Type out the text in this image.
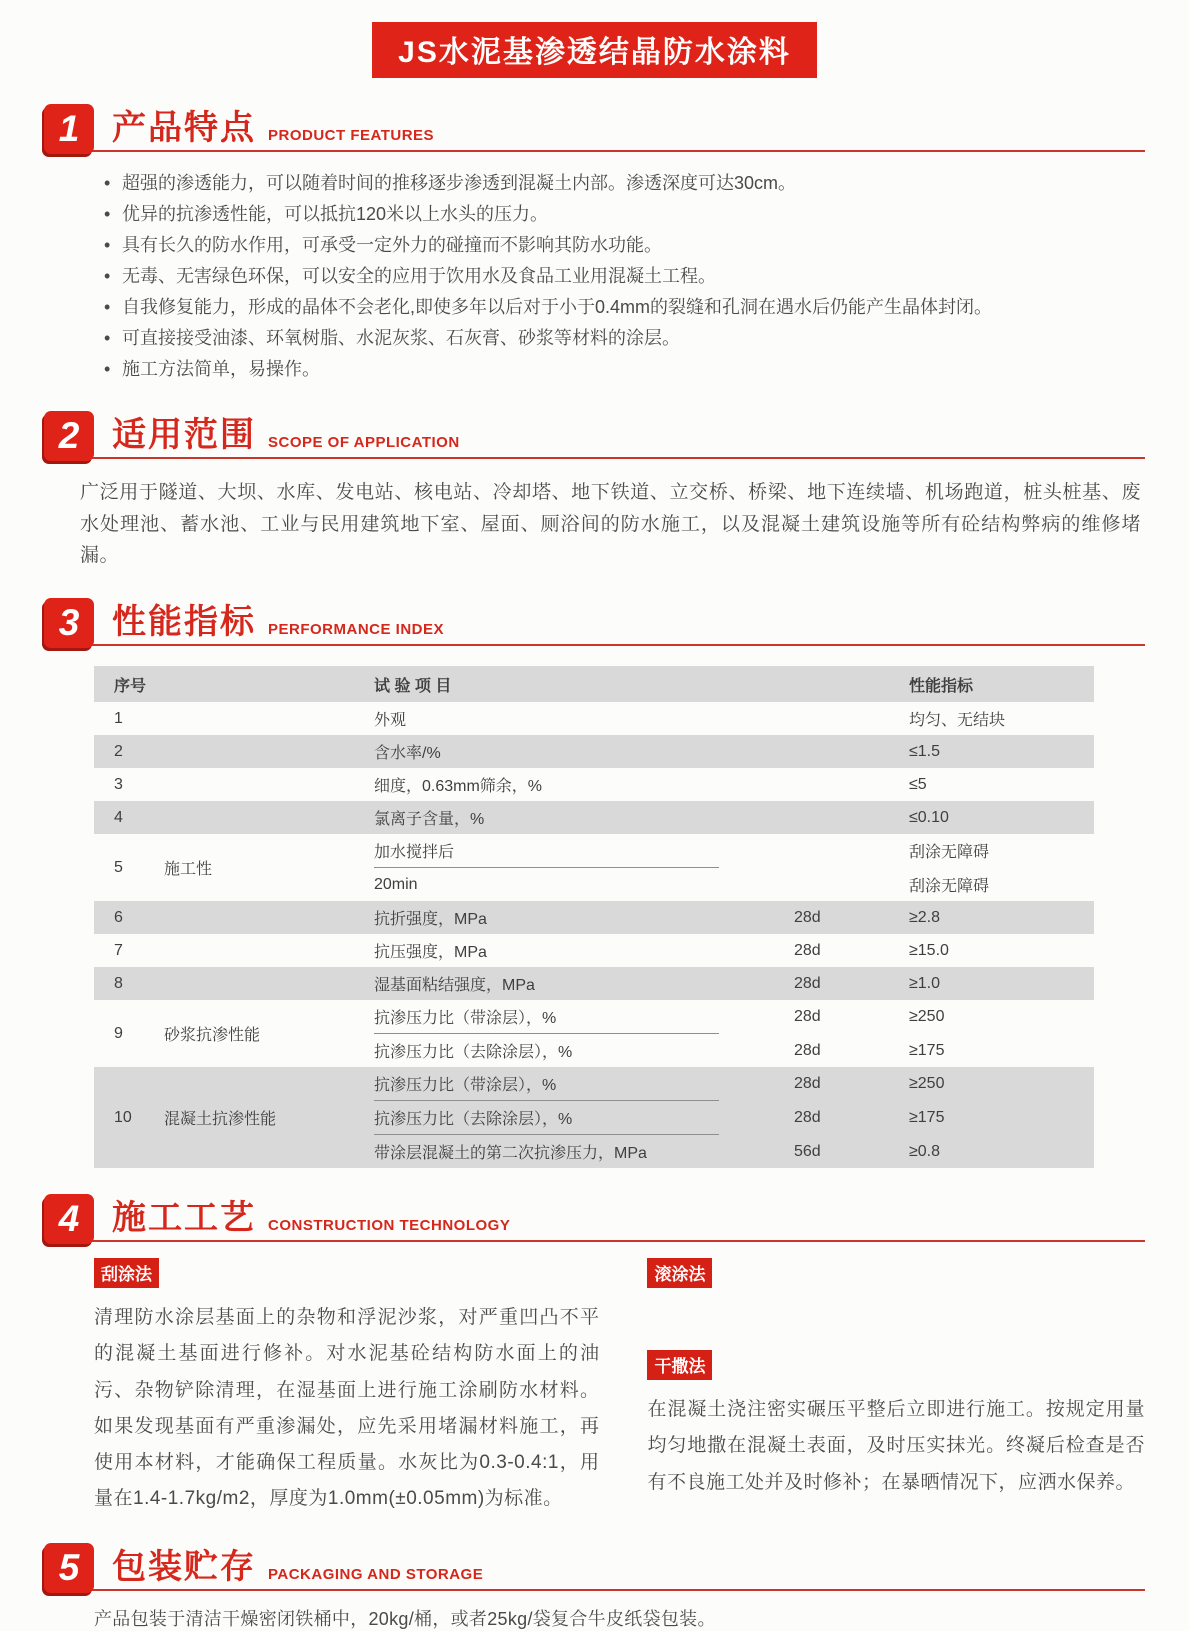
JS水泥基渗透结晶防水涂料
1 产品特点 PRODUCT FEATURES
• 超强的渗透能力，可以随着时间的推移逐步渗透到混凝土内部。渗透深度可达30cm。
• 优异的抗渗透性能，可以抵抗120米以上水头的压力。
• 具有长久的防水作用，可承受一定外力的碰撞而不影响其防水功能。
• 无毒、无害绿色环保，可以安全的应用于饮用水及食品工业用混凝土工程。
• 自我修复能力，形成的晶体不会老化,即使多年以后对于小于0.4mm的裂缝和孔洞在遇水后仍能产生晶体封闭。
• 可直接接受油漆、环氧树脂、水泥灰浆、石灰膏、砂浆等材料的涂层。
• 施工方法简单，易操作。
2 适用范围 SCOPE OF APPLICATION

广泛用于隧道、大坝、水库、发电站、核电站、冷却塔、地下铁道、立交桥、桥梁、地下连续墙、机场跑道，桩头桩基、废水处理池、蓄水池、工业与民用建筑地下室、屋面、厕浴间的防水施工，以及混凝土建筑设施等所有砼结构弊病的维修堵漏。

3 性能指标 PERFORMANCE INDEX
序号	试 验 项 目	性能指标
1	外观	均匀、无结块
2	含水率/%	≤1.5
3	细度，0.63mm筛余，%	≤5
4	氯离子含量，%	≤0.10
5	施工性
加水搅拌后	刮涂无障碍
20min	刮涂无障碍
6	抗折强度，MPa	28d	≥2.8
7	抗压强度，MPa	28d	≥15.0
8	湿基面粘结强度，MPa	28d	≥1.0
9	砂浆抗渗性能
抗渗压力比（带涂层），%	28d	≥250
抗渗压力比（去除涂层），%	28d	≥175
10	混凝土抗渗性能
抗渗压力比（带涂层），%	28d	≥250
抗渗压力比（去除涂层），%	28d	≥175
带涂层混凝土的第二次抗渗压力，MPa	56d	≥0.8
4 施工工艺 CONSTRUCTION TECHNOLOGY
刮涂法

清理防水涂层基面上的杂物和浮泥沙浆，对严重凹凸不平的混凝土基面进行修补。对水泥基砼结构防水面上的油污、杂物铲除清理，在湿基面上进行施工涂刷防水材料。如果发现基面有严重渗漏处，应先采用堵漏材料施工，再使用本材料，才能确保工程质量。水灰比为0.3-0.4:1，用量在1.4-1.7kg/m2，厚度为1.0mm(±0.05mm)为标准。

滚涂法
干撒法

在混凝土浇注密实碾压平整后立即进行施工。按规定用量均匀地撒在混凝土表面，及时压实抹光。终凝后检查是否有不良施工处并及时修补；在暴晒情况下，应洒水保养。

5 包装贮存 PACKAGING AND STORAGE

产品包装于清洁干燥密闭铁桶中，20kg/桶，或者25kg/袋复合牛皮纸袋包装。
